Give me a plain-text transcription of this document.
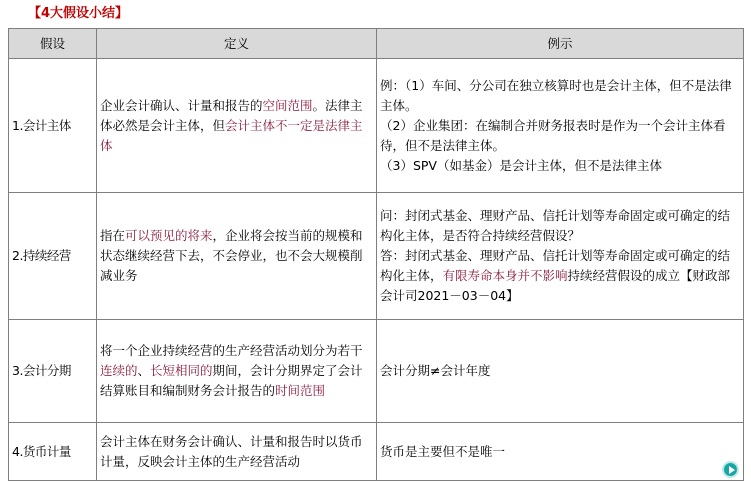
【4大假设小结】
假设	定义	例示
1.会计主体	企业会计确认、计量和报告的空间范围。法律主体必然是会计主体，但会计主体不一定是法律主体	例：（1）车间、分公司在独立核算时也是会计主体，但不是法律主体。
（2）企业集团：在编制合并财务报表时是作为一个会计主体看待，但不是法律主体。
（3）SPV（如基金）是会计主体，但不是法律主体

2.持续经营	指在可以预见的将来，企业将会按当前的规模和状态继续经营下去，不会停业，也不会大规模削减业务	问：封闭式基金、理财产品、信托计划等寿命固定或可确定的结构化主体，是否符合持续经营假设？
答：封闭式基金、理财产品、信托计划等寿命固定或可确定的结构化主体，有限寿命本身并不影响持续经营假设的成立【财政部会计司2021－03－04】

3.会计分期	将一个企业持续经营的生产经营活动划分为若干连续的、长短相同的期间，会计分期界定了会计结算账目和编制财务会计报告的时间范围	会计分期≠会计年度
4.货币计量	会计主体在财务会计确认、计量和报告时以货币计量，反映会计主体的生产经营活动	货币是主要但不是唯一
